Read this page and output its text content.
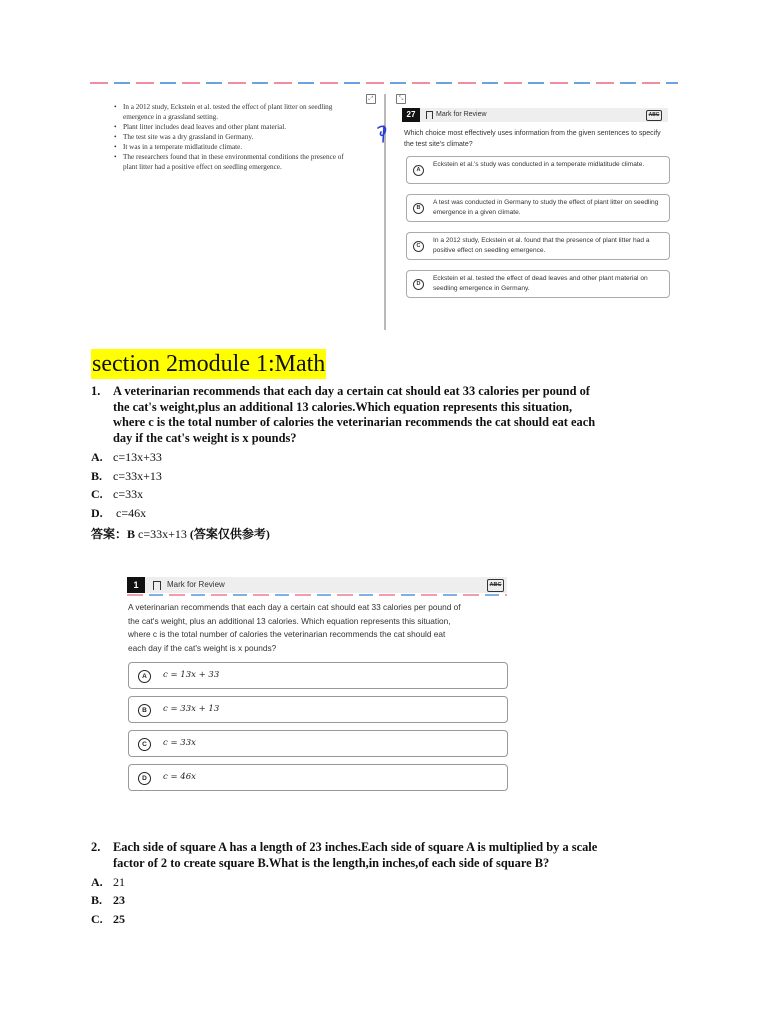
• In a 2012 study, Eckstein et al. tested the effect of plant litter on seedling emergence in a grassland setting.
• Plant litter includes dead leaves and other plant material.
• The test site was a dry grassland in Germany.
• It was in a temperate midlatitude climate.
• The researchers found that in these environmental conditions the presence of plant litter had a positive effect on seedling emergence.
⤢	⤡
27	Mark for Review	ABC
Which choice most effectively uses information from the given sentences to specify the test site's climate?
A
Eckstein et al.'s study was conducted in a temperate midlatitude climate.
B
A test was conducted in Germany to study the effect of plant litter on seedling emergence in a given climate.
C
In a 2012 study, Eckstein et al. found that the presence of plant litter had a positive effect on seedling emergence.
D
Eckstein et al. tested the effect of dead leaves and other plant material on seedling emergence in Germany.
section 2module 1:Math
1. A veterinarian recommends that each day a certain cat should eat 33 calories per pound of
the cat's weight,plus an additional 13 calories.Which equation represents this situation,
where c is the total number of calories the veterinarian recommends the cat should eat each
day if the cat's weight is x pounds?
A. c=13x+33
B. c=33x+13
C. c=33x
D. c=46x
答案：B c=33x+13 (答案仅供参考)
1	Mark for Review	ABC
A veterinarian recommends that each day a certain cat should eat 33 calories per pound of
the cat's weight, plus an additional 13 calories. Which equation represents this situation,
where c is the total number of calories the veterinarian recommends the cat should eat
each day if the cat's weight is x pounds?
A	c = 13x + 33
B	c = 33x + 13
C	c = 33x
D	c = 46x
2. Each side of square A has a length of 23 inches.Each side of square A is multiplied by a scale
factor of 2 to create square B.What is the length,in inches,of each side of square B?
A. 21
B. 23
C. 25
